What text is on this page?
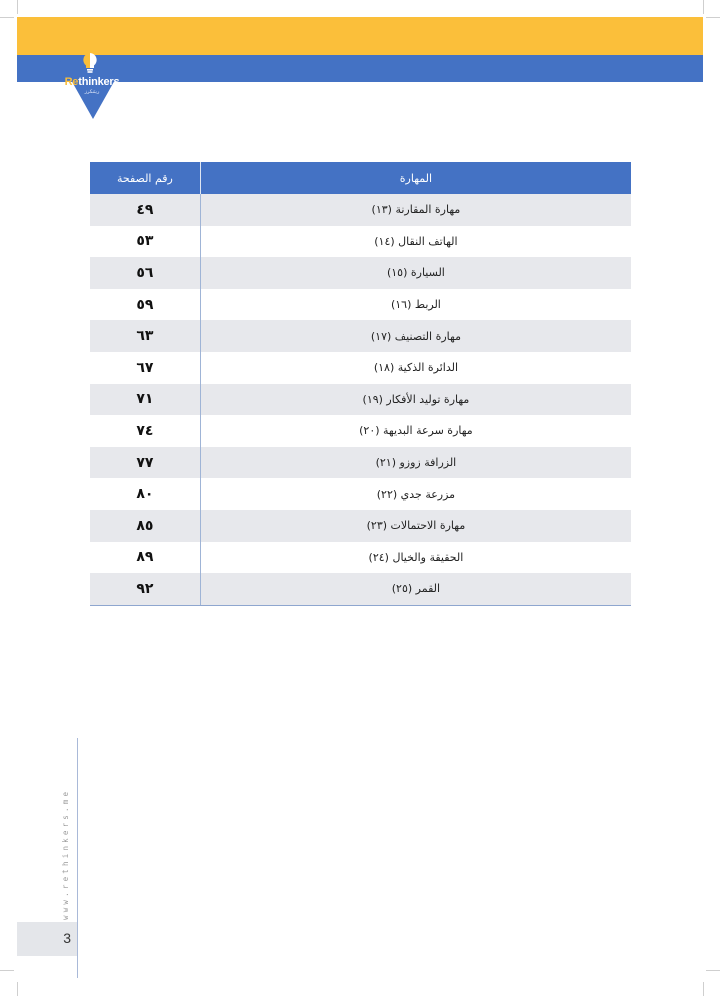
Rethinkers
ريثنكرز
المهارة	رقم الصفحة
مهارة المقارنة (١٣)	٤٩
الهاتف النقال (١٤)	٥٣
السيارة (١٥)	٥٦
الربط (١٦)	٥٩
مهارة التصنيف (١٧)	٦٣
الدائرة الذكية (١٨)	٦٧
مهارة توليد الأفكار (١٩)	٧١
مهارة سرعة البديهة (٢٠)	٧٤
الزرافة زوزو (٢١)	٧٧
مزرعة جدي (٢٢)	٨٠
مهارة الاحتمالات (٢٣)	٨٥
الحقيقة والخيال (٢٤)	٨٩
القمر (٢٥)	٩٢
www.rethinkers.me
3
